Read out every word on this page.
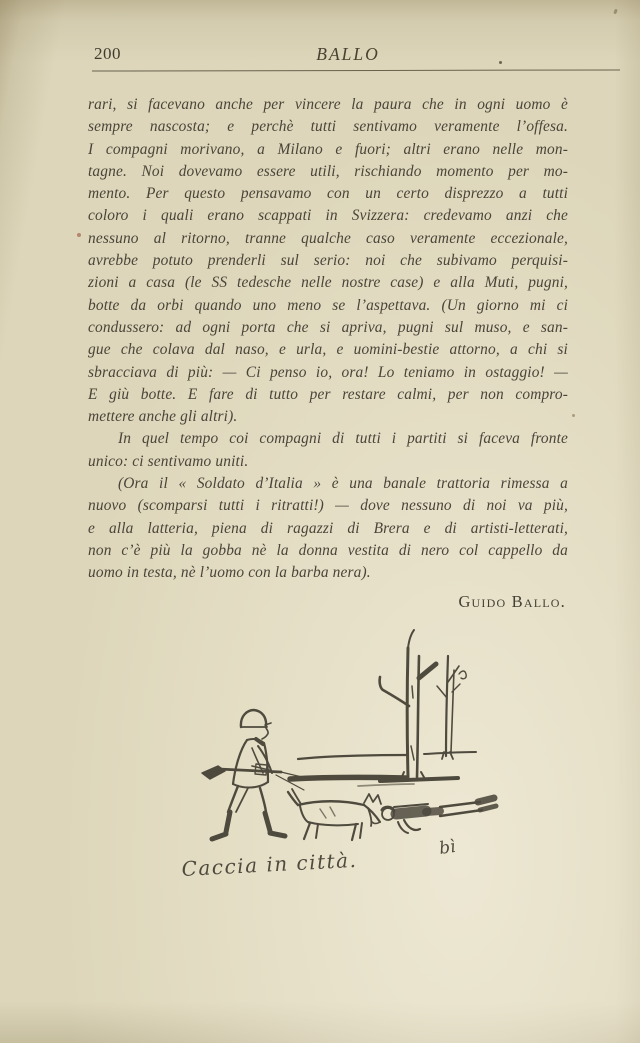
200	BALLO
rari, si facevano anche per vincere la paura che in ogni uomo è
sempre nascosta; e perchè tutti sentivamo veramente l’offesa.
I compagni morivano, a Milano e fuori; altri erano nelle mon-
tagne. Noi dovevamo essere utili, rischiando momento per mo-
mento. Per questo pensavamo con un certo disprezzo a tutti
coloro i quali erano scappati in Svizzera: credevamo anzi che
nessuno al ritorno, tranne qualche caso veramente eccezionale,
avrebbe potuto prenderli sul serio: noi che subivamo perquisi-
zioni a casa (le SS tedesche nelle nostre case) e alla Muti, pugni,
botte da orbi quando uno meno se l’aspettava. (Un giorno mi ci
condussero: ad ogni porta che si apriva, pugni sul muso, e san-
gue che colava dal naso, e urla, e uomini-bestie attorno, a chi si
sbracciava di più: — Ci penso io, ora! Lo teniamo in ostaggio! —
E giù botte. E fare di tutto per restare calmi, per non compro-
mettere anche gli altri).
In quel tempo coi compagni di tutti i partiti si faceva fronte
unico: ci sentivamo uniti.
(Ora il « Soldato d’Italia » è una banale trattoria rimessa a
nuovo (scomparsi tutti i ritratti!) — dove nessuno di noi va più,
e alla latteria, piena di ragazzi di Brera e di artisti-letterati,
non c’è più la gobba nè la donna vestita di nero col cappello da
uomo in testa, nè l’uomo con la barba nera).
Guido Ballo.
Caccia in città.	bì
